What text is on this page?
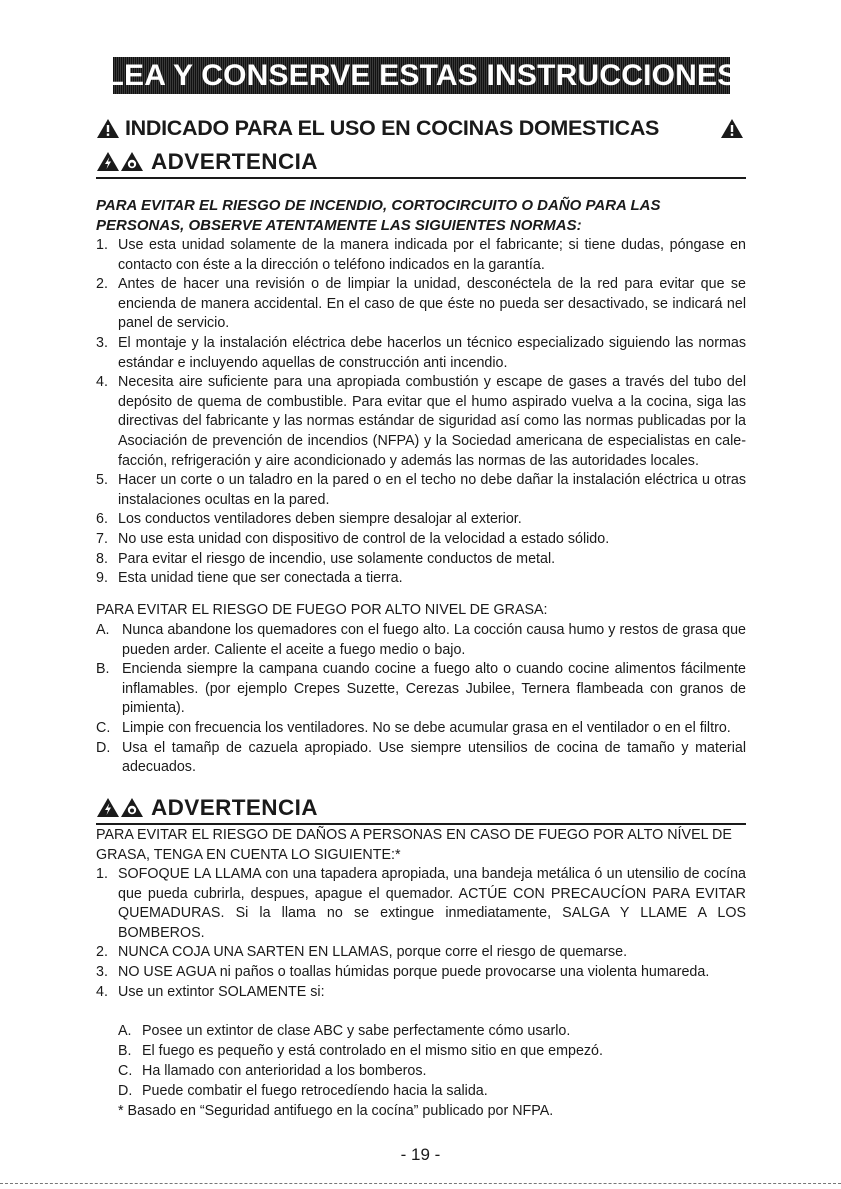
LEA Y CONSERVE ESTAS INSTRUCCIONES
INDICADO PARA EL USO EN COCINAS DOMESTICAS
ADVERTENCIA
PARA EVITAR EL RIESGO DE INCENDIO, CORTOCIRCUITO O DAÑO PARA LAS PERSONAS, OBSERVE ATENTAMENTE LAS SIGUIENTES NORMAS:
1. Use esta unidad solamente de la manera indicada por el fabricante; si tiene dudas, póngase en contacto con éste a la dirección o teléfono indicados en la garantía.
2. Antes de hacer una revisión o de limpiar la unidad, desconéctela de la red para evitar que se encienda de manera accidental. En el caso de que éste no pueda ser desactivado, se indicará nel panel de servicio.
3. El montaje y la instalación eléctrica debe hacerlos un técnico especializado siguiendo las normas estándar e incluyendo aquellas de construcción anti incendio.
4. Necesita aire suficiente para una apropiada combustión y escape de gases a través del tubo del depósito de quema de combustible. Para evitar que el humo aspirado vuelva a la cocina, siga las directivas del fabricante y las normas estándar de siguridad así como las normas publicadas por la Asociación de prevención de incendios (NFPA) y la Sociedad americana de especialistas en cale-facción, refrigeración y aire acondicionado y además las normas de las autoridades locales.
5. Hacer un corte o un taladro en la pared o en el techo no debe dañar la instalación eléctrica u otras instalaciones ocultas en la pared.
6. Los conductos ventiladores deben siempre desalojar al exterior.
7. No use esta unidad con dispositivo de control de la velocidad a estado sólido.
8. Para evitar el riesgo de incendio, use solamente conductos de metal.
9. Esta unidad tiene que ser conectada a tierra.
PARA EVITAR EL RIESGO DE FUEGO POR ALTO NIVEL DE GRASA:
A. Nunca abandone los quemadores con el fuego alto. La cocción causa humo y restos de grasa que pueden arder. Caliente el aceite a fuego medio o bajo.
B. Encienda siempre la campana cuando cocine a fuego alto o cuando cocine alimentos fácilmente inflamables. (por ejemplo Crepes Suzette, Cerezas Jubilee, Ternera flambeada con granos de pimienta).
C. Limpie con frecuencia los ventiladores. No se debe acumular grasa en el ventilador o en el filtro.
D. Usa el tamañp de cazuela apropiado. Use siempre utensilios de cocina de tamaño y material adecuados.
ADVERTENCIA
PARA EVITAR EL RIESGO DE DAÑOS A PERSONAS EN CASO DE FUEGO POR ALTO NÍVEL DE GRASA, TENGA EN CUENTA LO SIGUIENTE:*
1. SOFOQUE LA LLAMA con una tapadera apropiada, una bandeja metálica ó un utensilio de cocína que pueda cubrirla, despues, apague el quemador. ACTÚE CON PRECAUCÍON PARA EVITAR QUEMADURAS. Si la llama no se extingue inmediatamente, SALGA Y LLAME A LOS BOMBEROS.
2. NUNCA COJA UNA SARTEN EN LLAMAS, porque corre el riesgo de quemarse.
3. NO USE AGUA ni paños o toallas húmidas porque puede provocarse una violenta humareda.
4. Use un extintor SOLAMENTE si:
A. Posee un extintor de clase ABC y sabe perfectamente cómo usarlo.
B. El fuego es pequeño y está controlado en el mismo sitio en que empezó.
C. Ha llamado con anterioridad a los bomberos.
D. Puede combatir el fuego retrocedíendo hacia la salida.
* Basado en “Seguridad antifuego en la cocína” publicado por NFPA.
- 19 -
